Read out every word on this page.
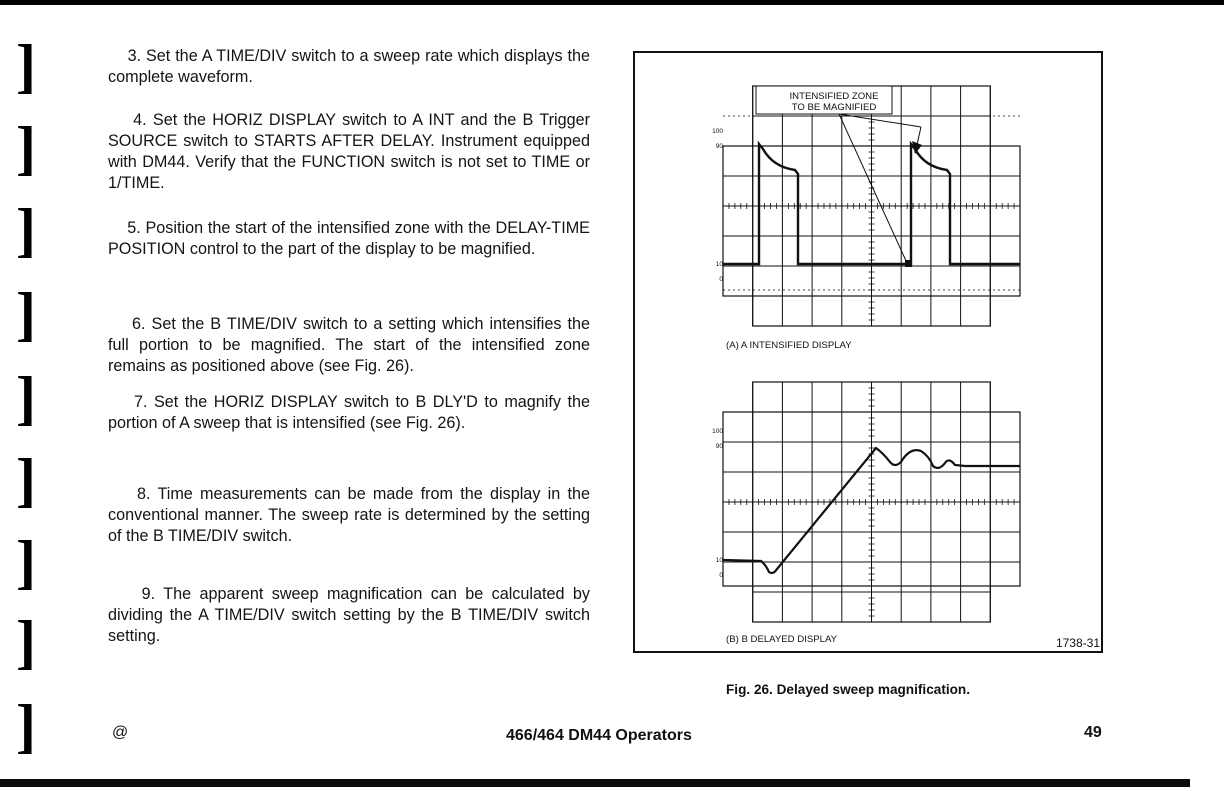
]
]
]
]
]
]
]
]
]
3. Set the A TIME/DIV switch to a sweep rate which displays the complete waveform.
4. Set the HORIZ DISPLAY switch to A INT and the B Trigger SOURCE switch to STARTS AFTER DELAY. Instrument equipped with DM44. Verify that the FUNCTION switch is not set to TIME or 1/TIME.
5. Position the start of the intensified zone with the DELAY-TIME POSITION control to the part of the display to be magnified.
6. Set the B TIME/DIV switch to a setting which intensifies the full portion to be magnified. The start of the intensified zone remains as positioned above (see Fig. 26).
7. Set the HORIZ DISPLAY switch to B DLY'D to magnify the portion of A sweep that is intensified (see Fig. 26).
8. Time measurements can be made from the display in the conventional manner. The sweep rate is determined by the setting of the B TIME/DIV switch.
9. The apparent sweep magnification can be calculated by dividing the A TIME/DIV switch setting by the B TIME/DIV switch setting.
INTENSIFIED ZONE
TO BE MAGNIFIED
100
90
10
0
100
90
10
0
(A) A INTENSIFIED DISPLAY
(B) B DELAYED DISPLAY	1738-31
Fig. 26. Delayed sweep magnification.
@	466/464 DM44 Operators	49
